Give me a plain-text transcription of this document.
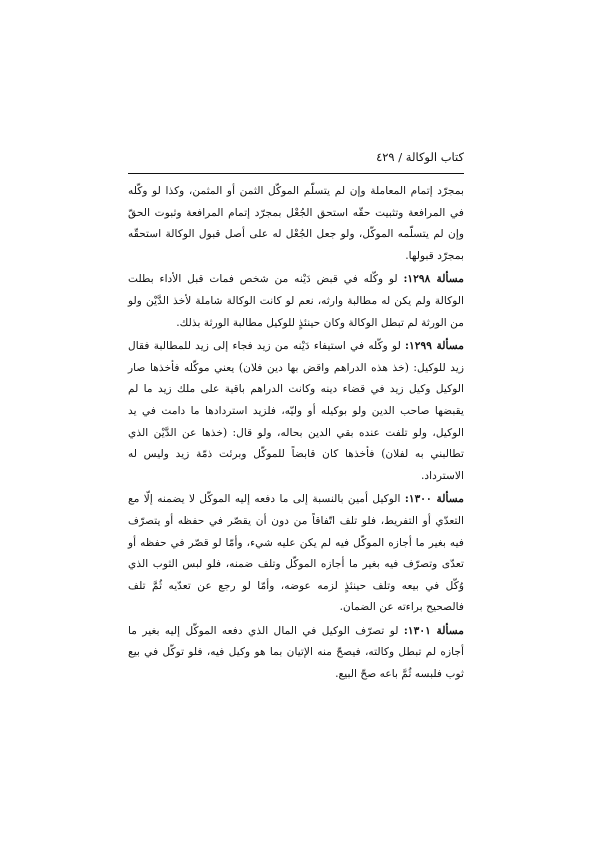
كتاب الوكالة / ٤٢٩

بمجرّد إتمام المعاملة وإن لم يتسلّم الموكّل الثمن أو المثمن، وكذا لو وكّله في المرافعة وتثبيت حقّه استحق الجُعْل بمجرّد إتمام المرافعة وثبوت الحقّ وإن لم يتسلّمه الموكّل، ولو جعل الجُعْل له على أصل قبول الوكالة استحقّه بمجرّد قبولها.

مسألة ١٢٩٨: لو وكّله في قبض دَيْنه من شخص فمات قبل الأداء بطلت الوكالة ولم يكن له مطالبة وارثه، نعم لو كانت الوكالة شاملة لأخذ الدَّيْن ولو من الورثة لم تبطل الوكالة وكان حينئذٍ للوكيل مطالبة الورثة بذلك.

مسألة ١٢٩٩: لو وكّله في استيفاء دَيْنه من زيد فجاء إلى زيد للمطالبة فقال زيد للوكيل: (خذ هذه الدراهم واقض بها دين فلان) يعني موكّله فأخذها صار الوكيل وكيل زيد في قضاء دينه وكانت الدراهم باقية على ملك زيد ما لم يقبضها صاحب الدين ولو بوكيله أو وليّه، فلزيد استردادها ما دامت في يد الوكيل، ولو تلفت عنده بقي الدين بحاله، ولو قال: (خذها عن الدَّيْن الذي تطالبني به لفلان) فأخذها كان قابضاً للموكّل وبرئت ذمّة زيد وليس له الاسترداد.

مسألة ١٣٠٠: الوكيل أمين بالنسبة إلى ما دفعه إليه الموكّل لا يضمنه إلّا مع التعدّي أو التفريط، فلو تلف اتّفاقاً من دون أن يقصّر في حفظه أو يتصرّف فيه بغير ما أجازه الموكّل فيه لم يكن عليه شيء، وأمّا لو قصّر في حفظه أو تعدّى وتصرّف فيه بغير ما أجازه الموكّل وتلف ضمنه، فلو لبس الثوب الذي وُكّل في بيعه وتلف حينئذٍ لزمه عوضه، وأمّا لو رجع عن تعدّيه ثُمَّ تلف فالصحيح براءته عن الضمان.

مسألة ١٣٠١: لو تصرّف الوكيل في المال الذي دفعه الموكّل إليه بغير ما أجازه لم تبطل وكالته، فيصحّ منه الإتيان بما هو وكيل فيه، فلو توكّل في بيع ثوب فلبسه ثُمَّ باعه صحّ البيع.
